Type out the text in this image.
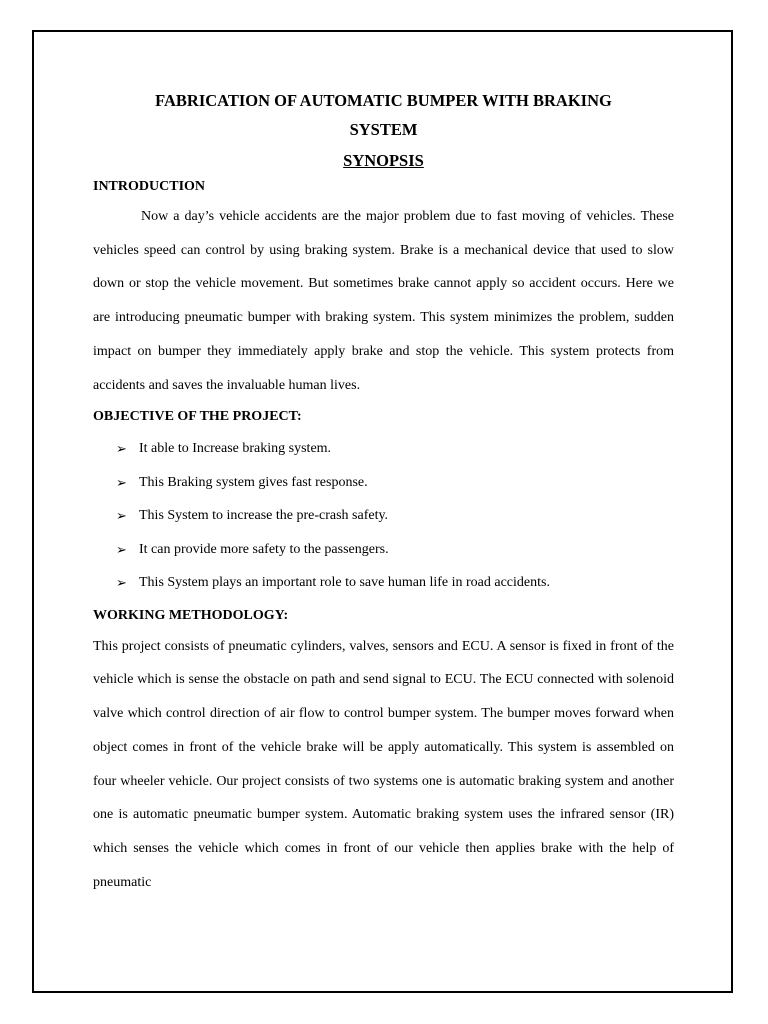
FABRICATION OF AUTOMATIC BUMPER WITH BRAKING
SYSTEM
SYNOPSIS
INTRODUCTION

Now a day’s vehicle accidents are the major problem due to fast moving of vehicles. These vehicles speed can control by using braking system. Brake is a mechanical device that used to slow down or stop the vehicle movement. But sometimes brake cannot apply so accident occurs. Here we are introducing pneumatic bumper with braking system. This system minimizes the problem, sudden impact on bumper they immediately apply brake and stop the vehicle. This system protects from accidents and saves the invaluable human lives.

OBJECTIVE OF THE PROJECT:
➢ It able to Increase braking system.
➢ This Braking system gives fast response.
➢ This System to increase the pre-crash safety.
➢ It can provide more safety to the passengers.
➢ This System plays an important role to save human life in road accidents.
WORKING METHODOLOGY:

This project consists of pneumatic cylinders, valves, sensors and ECU. A sensor is fixed in front of the vehicle which is sense the obstacle on path and send signal to ECU. The ECU connected with solenoid valve which control direction of air flow to control bumper system. The bumper moves forward when object comes in front of the vehicle brake will be apply automatically. This system is assembled on four wheeler vehicle. Our project consists of two systems one is automatic braking system and another one is automatic pneumatic bumper system. Automatic braking system uses the infrared sensor (IR) which senses the vehicle which comes in front of our vehicle then applies brake with the help of pneumatic
